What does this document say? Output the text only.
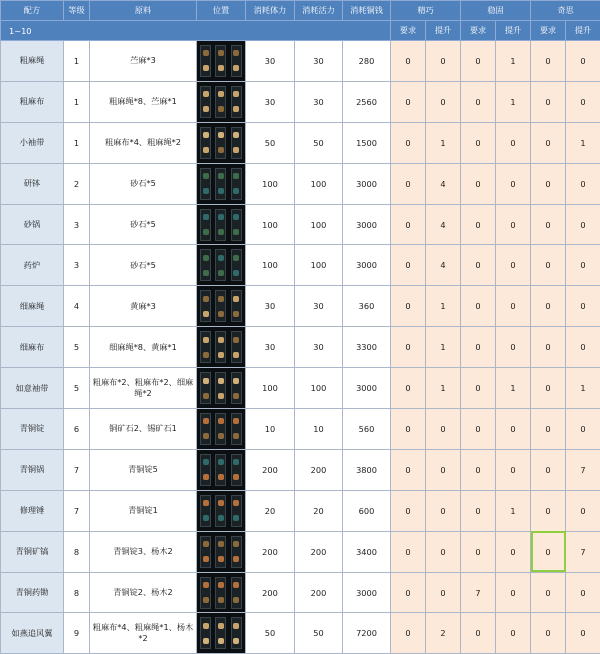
配方	等级	原料	位置	消耗体力	消耗活力	消耗铜钱	精巧		稳固		奇思	
1~10							要求	提升	要求	提升	要求	提升
粗麻绳	1	苎麻*3		30	30	280	0	0	0	1	0	0
粗麻布	1	粗麻绳*8、苎麻*1		30	30	2560	0	0	0	1	0	0
小袖带	1	粗麻布*4、粗麻绳*2		50	50	1500	0	1	0	0	0	1
研钵	2	砂石*5		100	100	3000	0	4	0	0	0	0
砂锅	3	砂石*5		100	100	3000	0	4	0	0	0	0
药炉	3	砂石*5		100	100	3000	0	4	0	0	0	0
细麻绳	4	黄麻*3		30	30	360	0	1	0	0	0	0
细麻布	5	细麻绳*8、黄麻*1		30	30	3300	0	1	0	0	0	0
如意袖带	5	粗麻布*2、粗麻布*2、细麻绳*2		100	100	3000	0	1	0	1	0	1
青铜锭	6	铜矿石2、锡矿石1		10	10	560	0	0	0	0	0	0
青铜锅	7	青铜锭5		200	200	3800	0	0	0	0	0	7
修理锤	7	青铜锭1		20	20	600	0	0	0	1	0	0
青铜矿镐	8	青铜锭3、杨木2		200	200	3400	0	0	0	0	0	7
青铜药锄	8	青铜锭2、杨木2		200	200	3000	0	0	7	0	0	0
如燕追风翼	9	粗麻布*4、粗麻绳*1、杨木*2		50	50	7200	0	2	0	0	0	0
